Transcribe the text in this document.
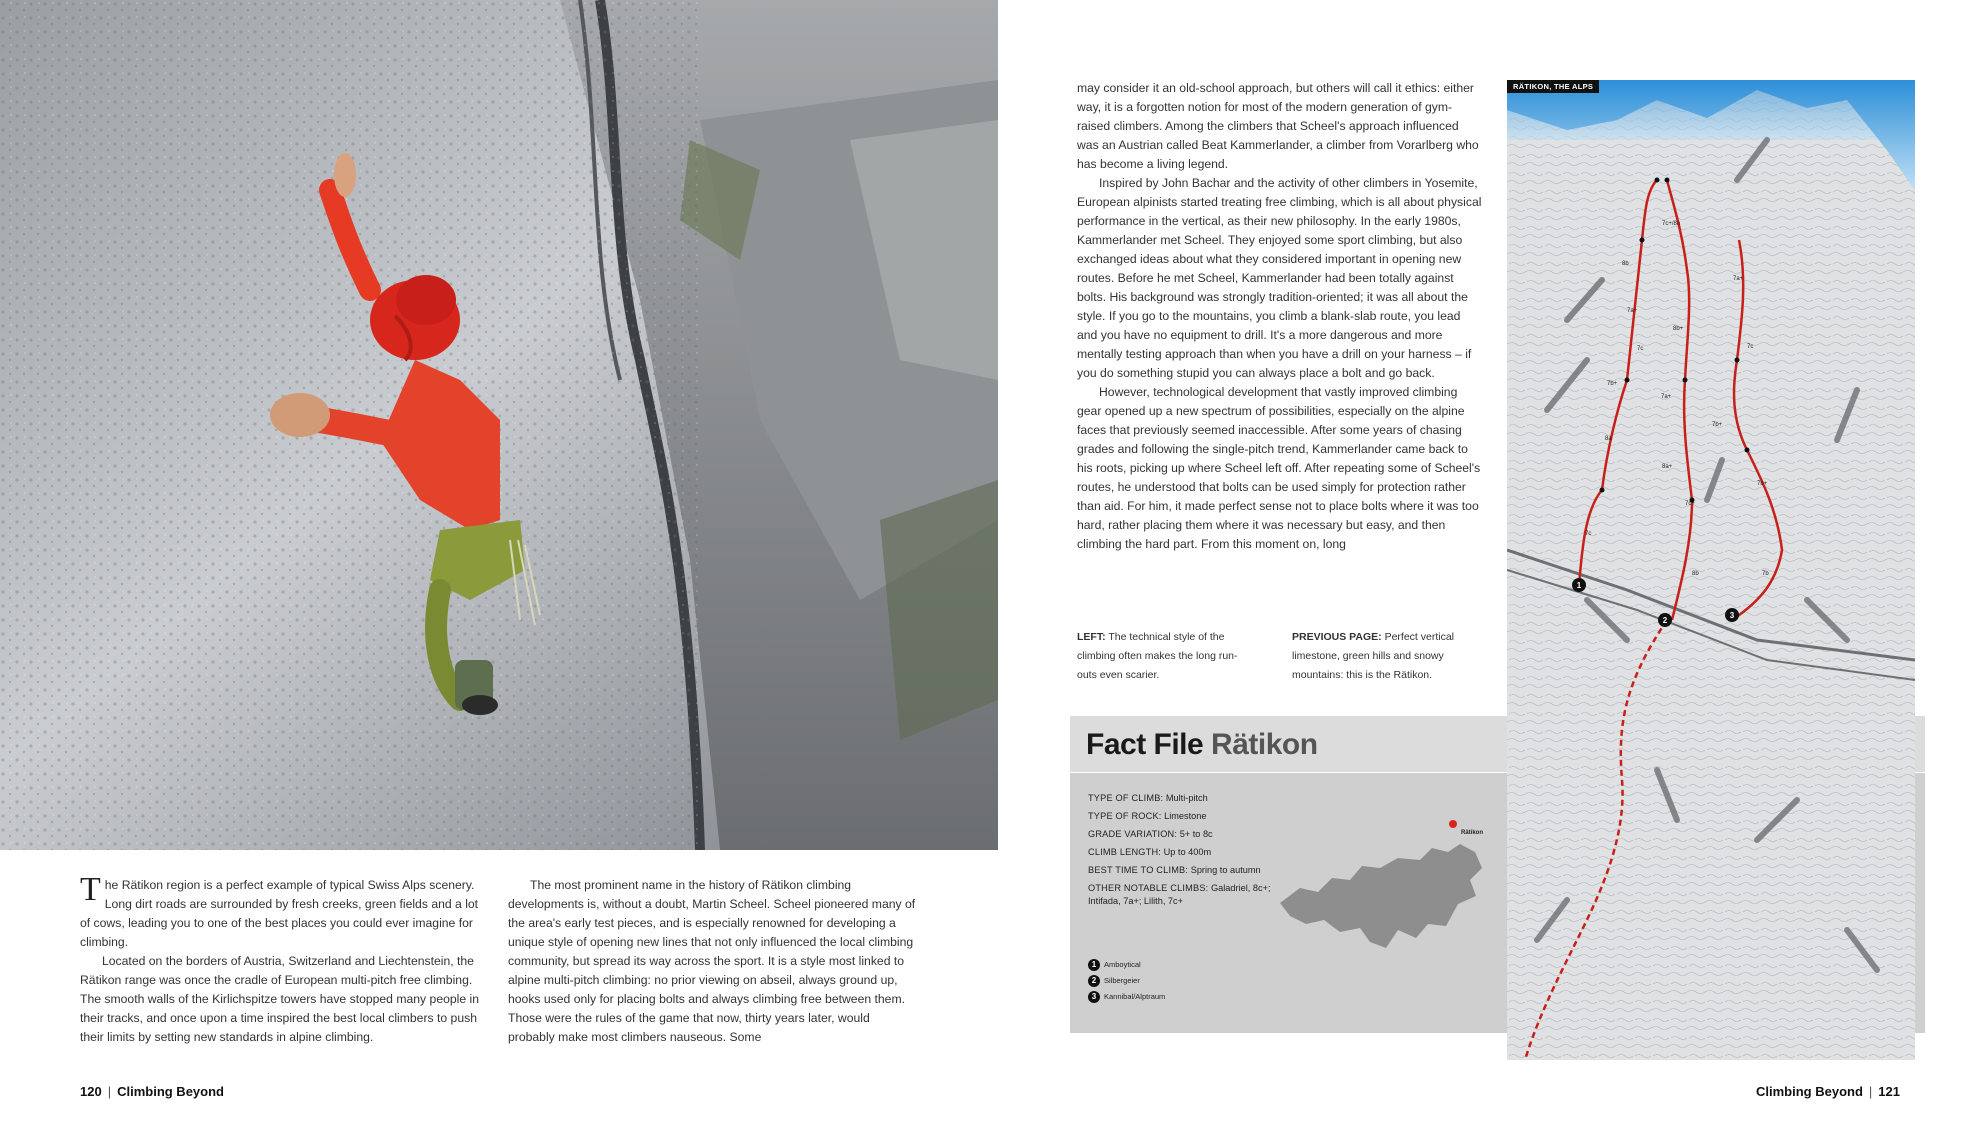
The Rätikon region is a perfect example of typical Swiss Alps scenery. Long dirt roads are surrounded by fresh creeks, green fields and a lot of cows, leading you to one of the best places you could ever imagine for climbing.

Located on the borders of Austria, Switzerland and Liechtenstein, the Rätikon range was once the cradle of European multi-pitch free climbing. The smooth walls of the Kirlichspitze towers have stopped many people in their tracks, and once upon a time inspired the best local climbers to push their limits by setting new standards in alpine climbing.

The most prominent name in the history of Rätikon climbing developments is, without a doubt, Martin Scheel. Scheel pioneered many of the area's early test pieces, and is especially renowned for developing a unique style of opening new lines that not only influenced the local climbing community, but spread its way across the sport. It is a style most linked to alpine multi-pitch climbing: no prior viewing on abseil, always ground up, hooks used only for placing bolts and always climbing free between them. Those were the rules of the game that now, thirty years later, would probably make most climbers nauseous. Some

120 | Climbing Beyond

may consider it an old-school approach, but others will call it ethics: either way, it is a forgotten notion for most of the modern generation of gym-raised climbers. Among the climbers that Scheel's approach influenced was an Austrian called Beat Kammerlander, a climber from Vorarlberg who has become a living legend.

Inspired by John Bachar and the activity of other climbers in Yosemite, European alpinists started treating free climbing, which is all about physical performance in the vertical, as their new philosophy. In the early 1980s, Kammerlander met Scheel. They enjoyed some sport climbing, but also exchanged ideas about what they considered important in opening new routes. Before he met Scheel, Kammerlander had been totally against bolts. His background was strongly tradition-oriented; it was all about the style. If you go to the mountains, you climb a blank-slab route, you lead and you have no equipment to drill. It's a more dangerous and more mentally testing approach than when you have a drill on your harness – if you do something stupid you can always place a bolt and go back.

However, technological development that vastly improved climbing gear opened up a new spectrum of possibilities, especially on the alpine faces that previously seemed inaccessible. After some years of chasing grades and following the single-pitch trend, Kammerlander came back to his roots, picking up where Scheel left off. After repeating some of Scheel's routes, he understood that bolts can be used simply for protection rather than aid. For him, it made perfect sense not to place bolts where it was too hard, rather placing them where it was necessary but easy, and then climbing the hard part. From this moment on, long

LEFT: The technical style of the climbing often makes the long run-outs even scarier.
PREVIOUS PAGE: Perfect vertical limestone, green hills and snowy mountains: this is the Rätikon.
Fact File Rätikon
TYPE OF CLIMB: Multi-pitch
TYPE OF ROCK: Limestone
GRADE VARIATION: 5+ to 8c
CLIMB LENGTH: Up to 400m
BEST TIME TO CLIMB: Spring to autumn
OTHER NOTABLE CLIMBS: Galadriel, 8c+; Intifada, 7a+; Lilith, 7c+
Rätikon
1	Amboytical
2	Silbergeier
3	Kannibal/Alptraum
1
2
3
7c+/8a
7a+
8b
7a+
7c
8b+
7c
7b+
7a+
7b+
8a
8a+
7b+
7c+
7c
8b	7b
RÄTIKON, THE ALPS
Climbing Beyond | 121
